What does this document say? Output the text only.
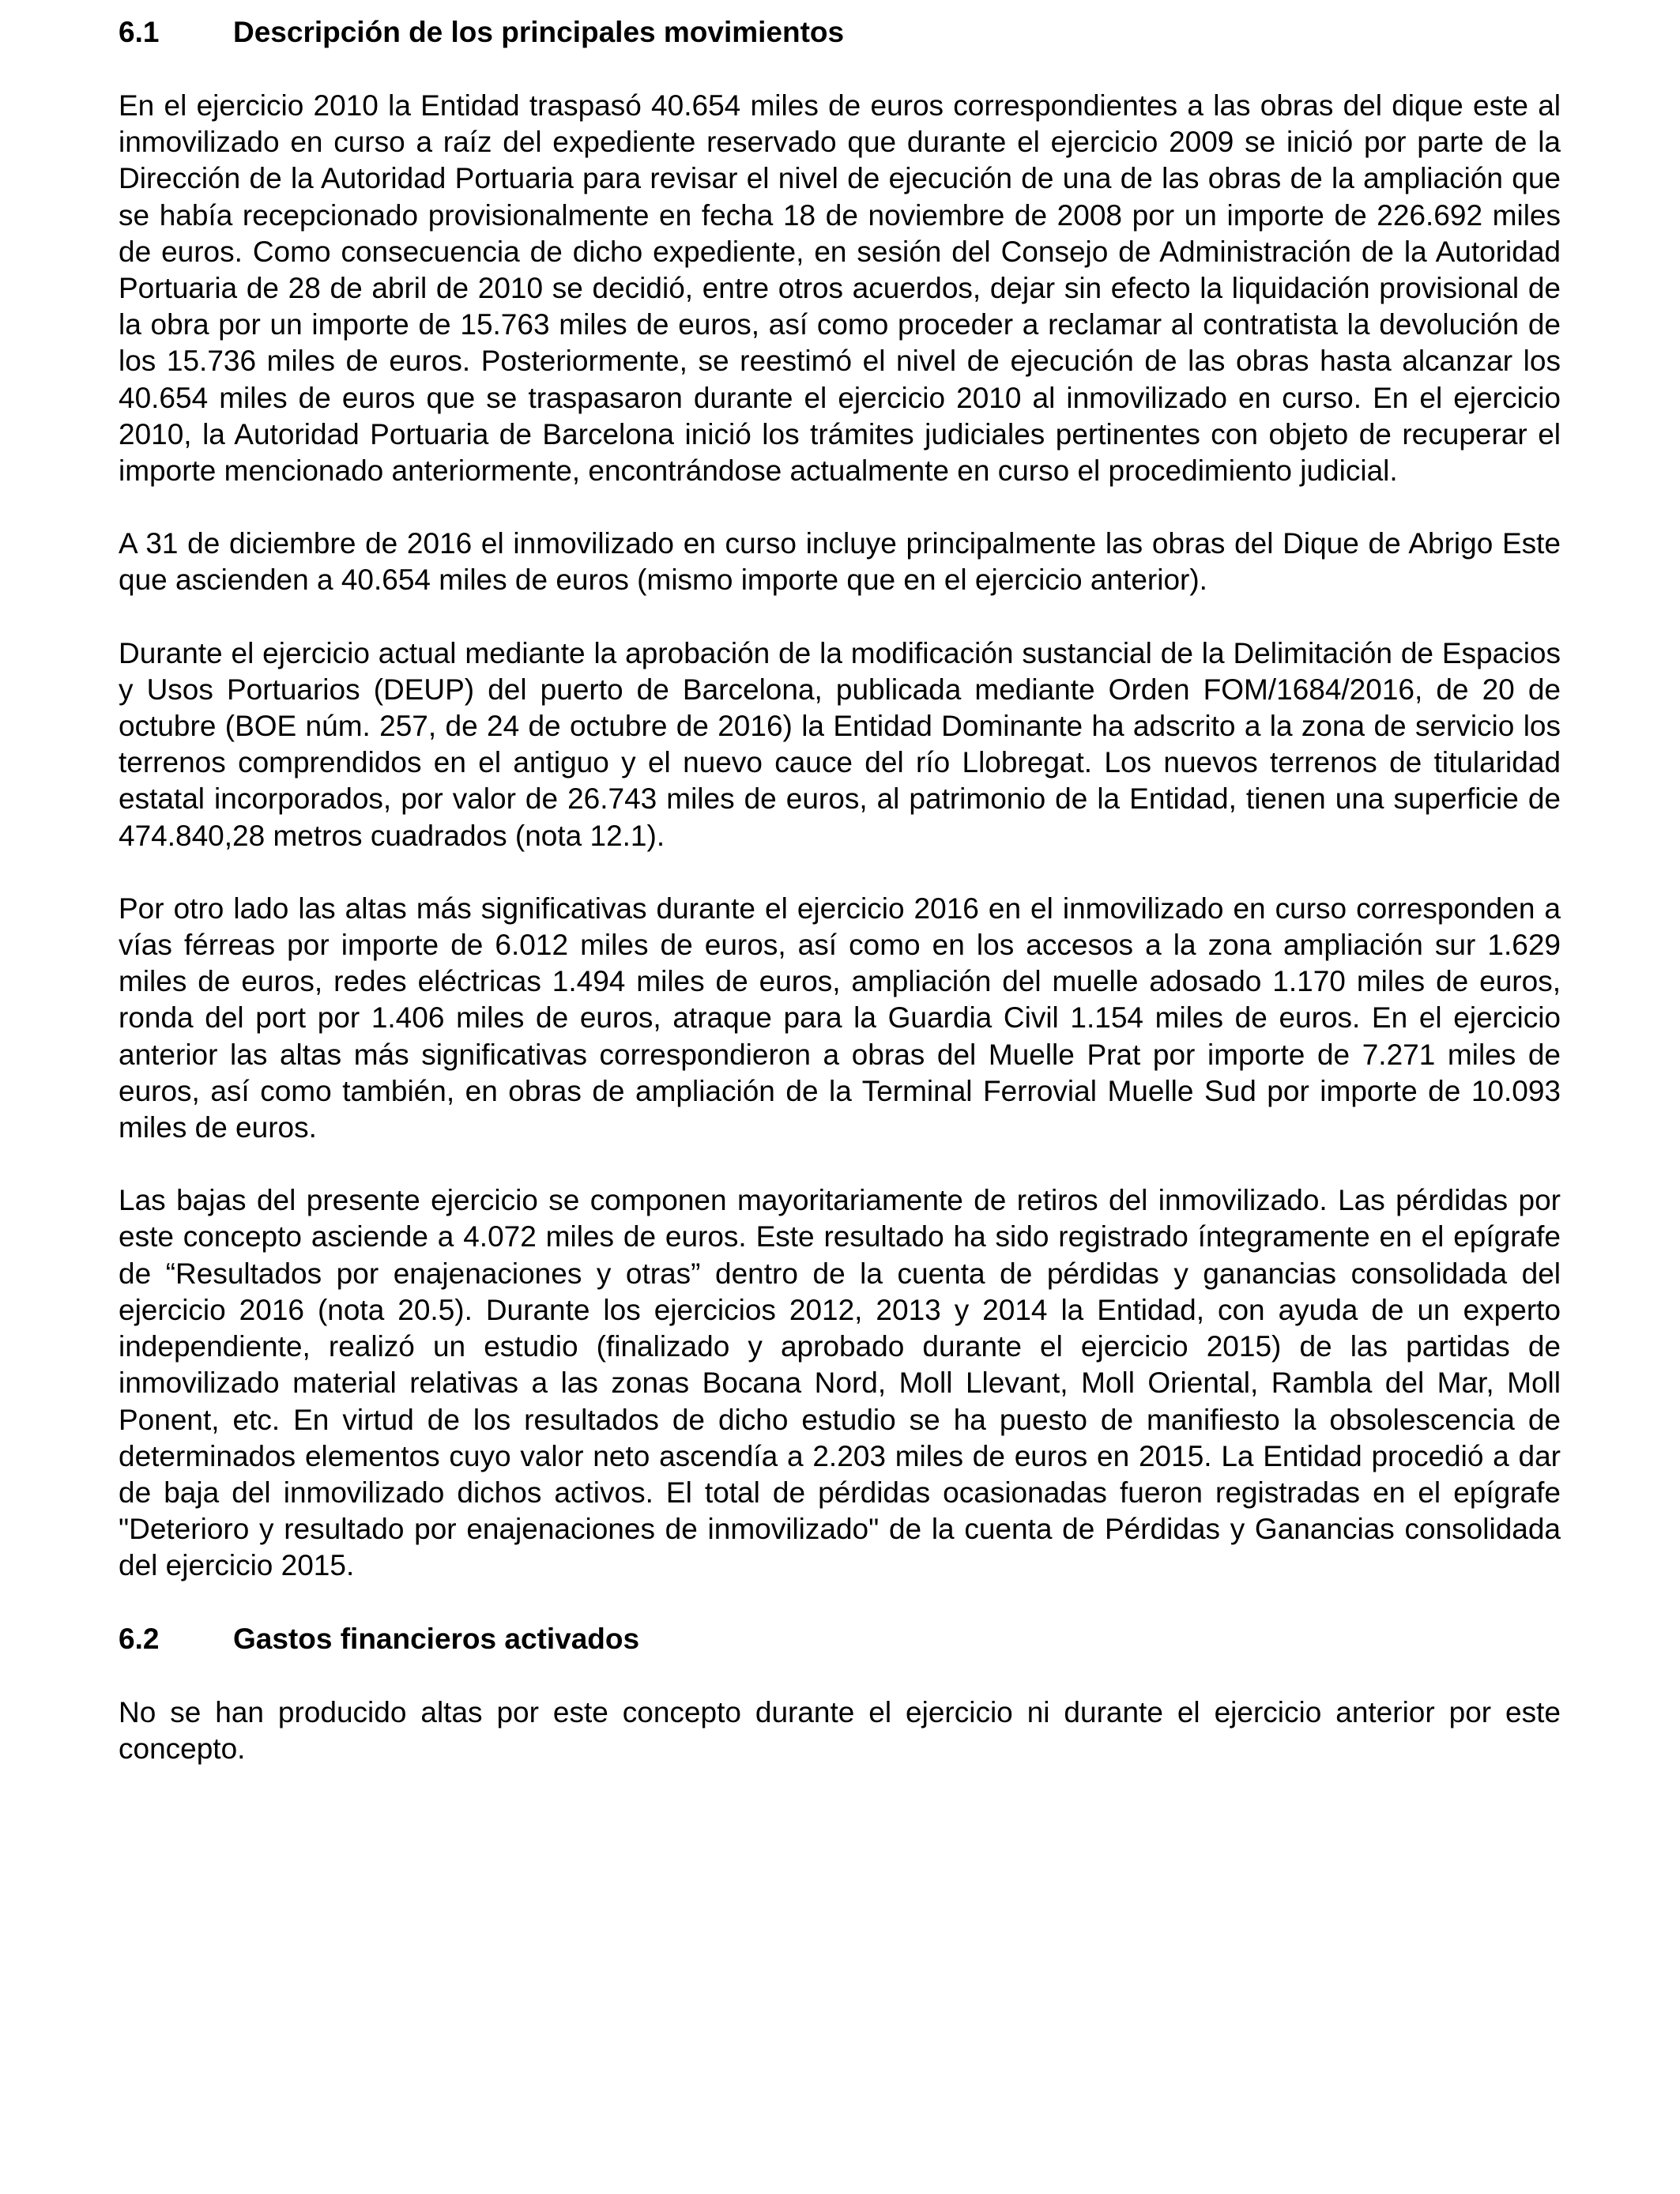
6.1	Descripción de los principales movimientos

En el ejercicio 2010 la Entidad traspasó 40.654 miles de euros correspondientes a las obras del dique este al inmovilizado en curso a raíz del expediente reservado que durante el ejercicio 2009 se inició por parte de la Dirección de la Autoridad Portuaria para revisar el nivel de ejecución de una de las obras de la ampliación que se había recepcionado provisionalmente en fecha 18 de noviembre de 2008 por un importe de 226.692 miles de euros. Como consecuencia de dicho expediente, en sesión del Consejo de Administración de la Autoridad Portuaria de 28 de abril de 2010 se decidió, entre otros acuerdos, dejar sin efecto la liquidación provisional de la obra por un importe de 15.763 miles de euros, así como proceder a reclamar al contratista la devolución de los 15.736 miles de euros. Posteriormente, se reestimó el nivel de ejecución de las obras hasta alcanzar los 40.654 miles de euros que se traspasaron durante el ejercicio 2010 al inmovilizado en curso. En el ejercicio 2010, la Autoridad Portuaria de Barcelona inició los trámites judiciales pertinentes con objeto de recuperar el importe mencionado anteriormente, encontrándose actualmente en curso el procedimiento judicial.

A 31 de diciembre de 2016 el inmovilizado en curso incluye principalmente las obras del Dique de Abrigo Este que ascienden a 40.654 miles de euros (mismo importe que en el ejercicio anterior).

Durante el ejercicio actual mediante la aprobación de la modificación sustancial de la Delimitación de Espacios y Usos Portuarios (DEUP) del puerto de Barcelona, publicada mediante Orden FOM/1684/2016, de 20 de octubre (BOE núm. 257, de 24 de octubre de 2016) la Entidad Dominante ha adscrito a la zona de servicio los terrenos comprendidos en el antiguo y el nuevo cauce del río Llobregat. Los nuevos terrenos de titularidad estatal incorporados, por valor de 26.743 miles de euros, al patrimonio de la Entidad, tienen una superficie de 474.840,28 metros cuadrados (nota 12.1).

Por otro lado las altas más significativas durante el ejercicio 2016 en el inmovilizado en curso corresponden a vías férreas por importe de 6.012 miles de euros, así como en los accesos a la zona ampliación sur 1.629 miles de euros, redes eléctricas 1.494 miles de euros, ampliación del muelle adosado 1.170 miles de euros, ronda del port por 1.406 miles de euros, atraque para la Guardia Civil 1.154 miles de euros. En el ejercicio anterior las altas más significativas correspondieron a obras del Muelle Prat por importe de 7.271 miles de euros, así como también, en obras de ampliación de la Terminal Ferrovial Muelle Sud por importe de 10.093 miles de euros.

Las bajas del presente ejercicio se componen mayoritariamente de retiros del inmovilizado. Las pérdidas por este concepto asciende a 4.072 miles de euros. Este resultado ha sido registrado íntegramente en el epígrafe de “Resultados por enajenaciones y otras” dentro de la cuenta de pérdidas y ganancias consolidada del ejercicio 2016 (nota 20.5). Durante los ejercicios 2012, 2013 y 2014 la Entidad, con ayuda de un experto independiente, realizó un estudio (finalizado y aprobado durante el ejercicio 2015) de las partidas de inmovilizado material relativas a las zonas Bocana Nord, Moll Llevant, Moll Oriental, Rambla del Mar, Moll Ponent, etc. En virtud de los resultados de dicho estudio se ha puesto de manifiesto la obsolescencia de determinados elementos cuyo valor neto ascendía a 2.203 miles de euros en 2015. La Entidad procedió a dar de baja del inmovilizado dichos activos. El total de pérdidas ocasionadas fueron registradas en el epígrafe "Deterioro y resultado por enajenaciones de inmovilizado" de la cuenta de Pérdidas y Ganancias consolidada del ejercicio 2015.

6.2	Gastos financieros activados

No se han producido altas por este concepto durante el ejercicio ni durante el ejercicio anterior por este concepto.
